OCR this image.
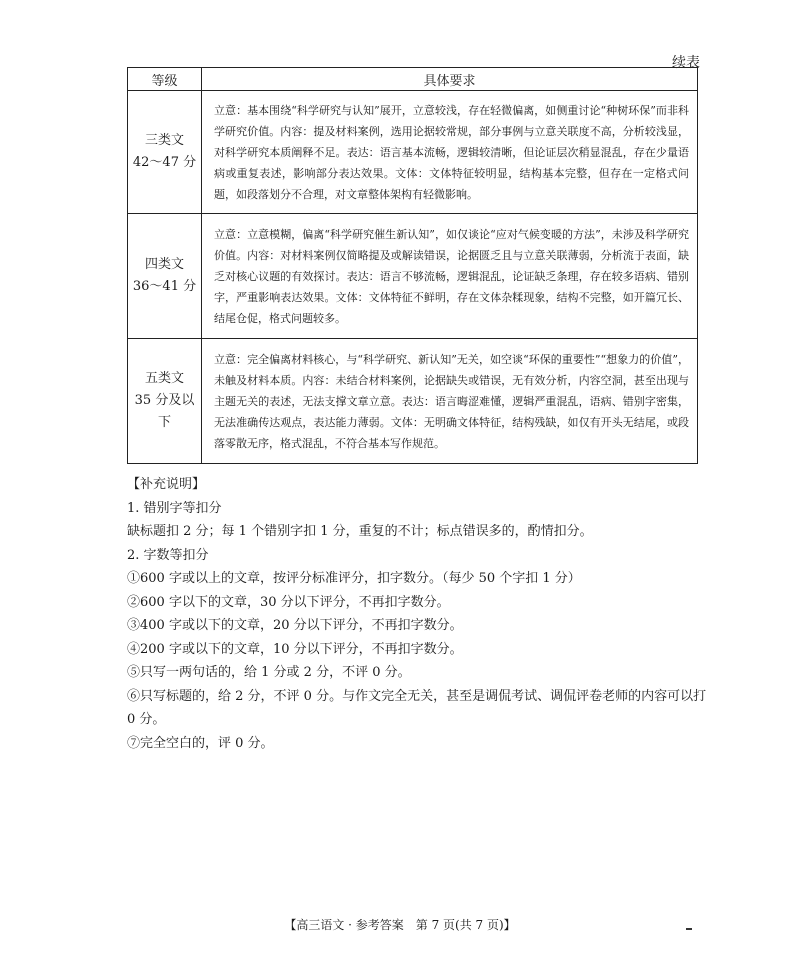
续表
等级	具体要求

三类文
42～47 分	立意：基本围绕“科学研究与认知”展开，立意较浅，存在轻微偏离，如侧重讨论“种树环保”而非科学研究价值。内容：提及材料案例，选用论据较常规，部分事例与立意关联度不高，分析较浅显，对科学研究本质阐释不足。表达：语言基本流畅，逻辑较清晰，但论证层次稍显混乱，存在少量语病或重复表述，影响部分表达效果。文体：文体特征较明显，结构基本完整，但存在一定格式问题，如段落划分不合理，对文章整体架构有轻微影响。

四类文
36～41 分	立意：立意模糊，偏离“科学研究催生新认知”，如仅谈论“应对气候变暖的方法”，未涉及科学研究价值。内容：对材料案例仅简略提及或解读错误，论据匮乏且与立意关联薄弱，分析流于表面，缺乏对核心议题的有效探讨。表达：语言不够流畅，逻辑混乱，论证缺乏条理，存在较多语病、错别字，严重影响表达效果。文体：文体特征不鲜明，存在文体杂糅现象，结构不完整，如开篇冗长、结尾仓促，格式问题较多。

五类文
35 分及以下	立意：完全偏离材料核心，与“科学研究、新认知”无关，如空谈“环保的重要性”“想象力的价值”，未触及材料本质。内容：未结合材料案例，论据缺失或错误，无有效分析，内容空洞，甚至出现与主题无关的表述，无法支撑文章立意。表达：语言晦涩难懂，逻辑严重混乱，语病、错别字密集，无法准确传达观点，表达能力薄弱。文体：无明确文体特征，结构残缺，如仅有开头无结尾，或段落零散无序，格式混乱，不符合基本写作规范。
【补充说明】
1. 错别字等扣分
缺标题扣 2 分；每 1 个错别字扣 1 分，重复的不计；标点错误多的，酌情扣分。
2. 字数等扣分
①600 字或以上的文章，按评分标准评分，扣字数分。（每少 50 个字扣 1 分）
②600 字以下的文章，30 分以下评分，不再扣字数分。
③400 字或以下的文章，20 分以下评分，不再扣字数分。
④200 字或以下的文章，10 分以下评分，不再扣字数分。
⑤只写一两句话的，给 1 分或 2 分，不评 0 分。
⑥只写标题的，给 2 分，不评 0 分。与作文完全无关，甚至是调侃考试、调侃评卷老师的内容可以打 0 分。
⑦完全空白的，评 0 分。
【高三语文 · 参考答案　第 7 页(共 7 页)】
